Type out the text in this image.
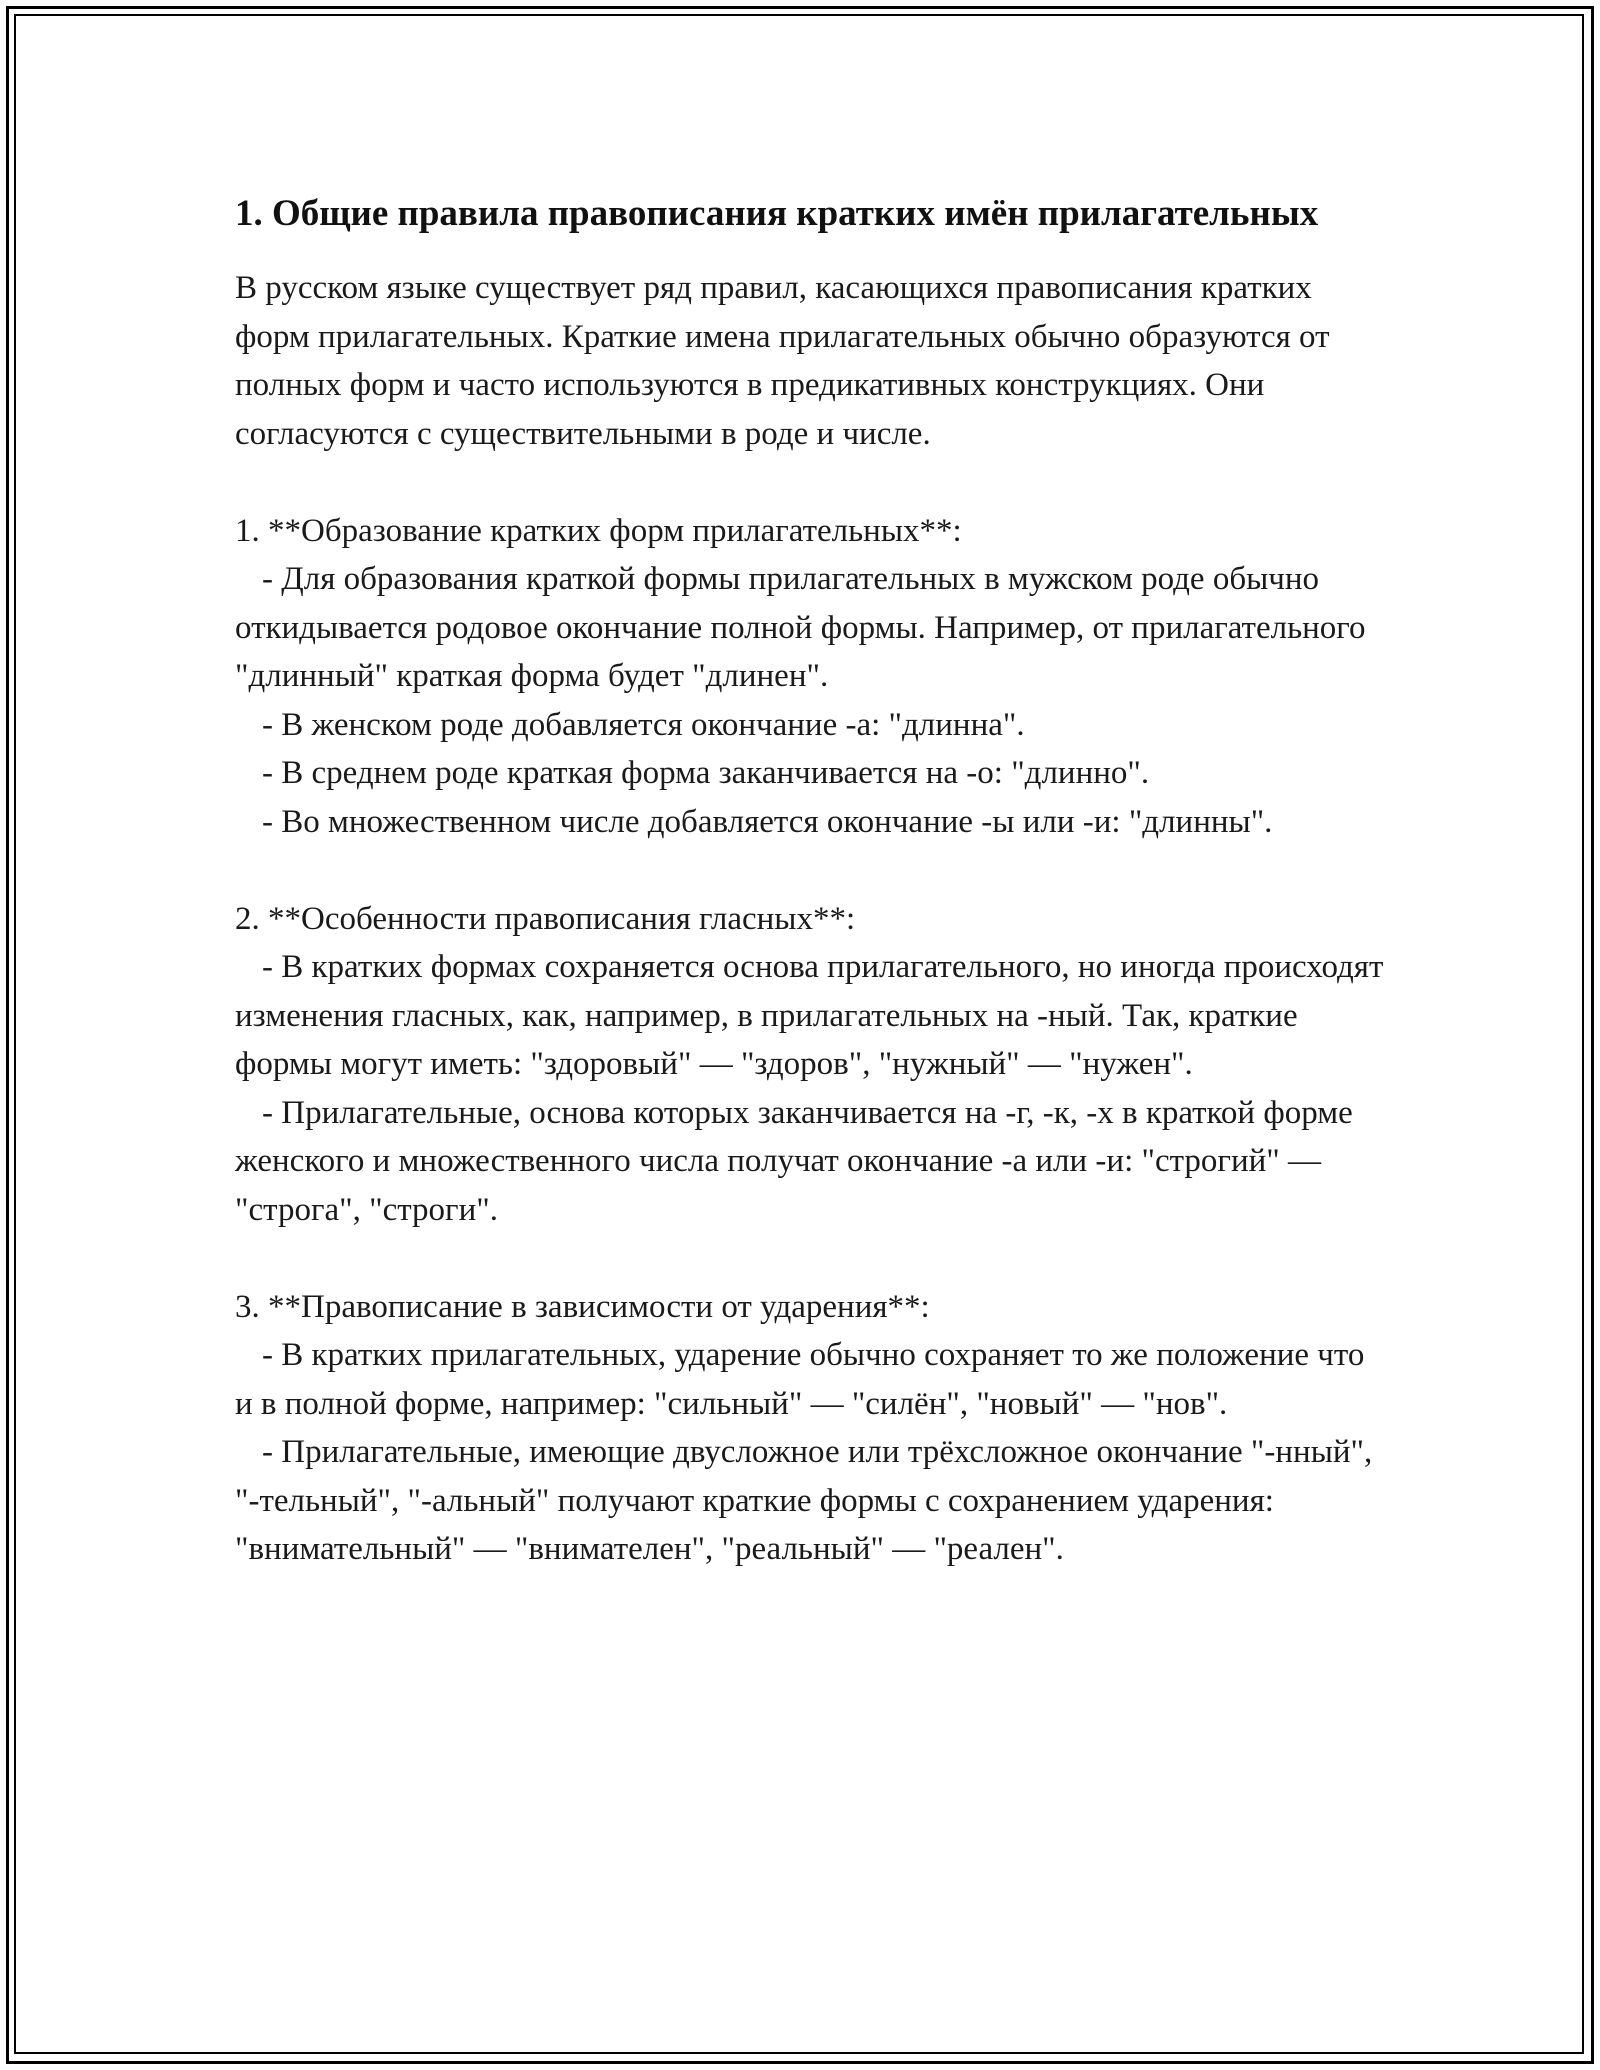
1. Общие правила правописания кратких имён прилагательных

В русском языке существует ряд правил, касающихся правописания кратких форм прилагательных. Краткие имена прилагательных обычно образуются от полных форм и часто используются в предикативных конструкциях. Они согласуются с существительными в роде и числе.

1. **Образование кратких форм прилагательных**:
- Для образования краткой формы прилагательных в мужском роде обычно откидывается родовое окончание полной формы. Например, от прилагательного "длинный" краткая форма будет "длинен".
- В женском роде добавляется окончание -а: "длинна".
- В среднем роде краткая форма заканчивается на -о: "длинно".
- Во множественном числе добавляется окончание -ы или -и: "длинны".
2. **Особенности правописания гласных**:
- В кратких формах сохраняется основа прилагательного, но иногда происходят изменения гласных, как, например, в прилагательных на -ный. Так, краткие формы могут иметь: "здоровый" — "здоров", "нужный" — "нужен".
- Прилагательные, основа которых заканчивается на -г, -к, -х в краткой форме женского и множественного числа получат окончание -а или -и: "строгий" — "строга", "строги".
3. **Правописание в зависимости от ударения**:
- В кратких прилагательных, ударение обычно сохраняет то же положение что и в полной форме, например: "сильный" — "силён", "новый" — "нов".
- Прилагательные, имеющие двусложное или трёхсложное окончание "-нный", "-тельный", "-альный" получают краткие формы с сохранением ударения: "внимательный" — "внимателен", "реальный" — "реален".
